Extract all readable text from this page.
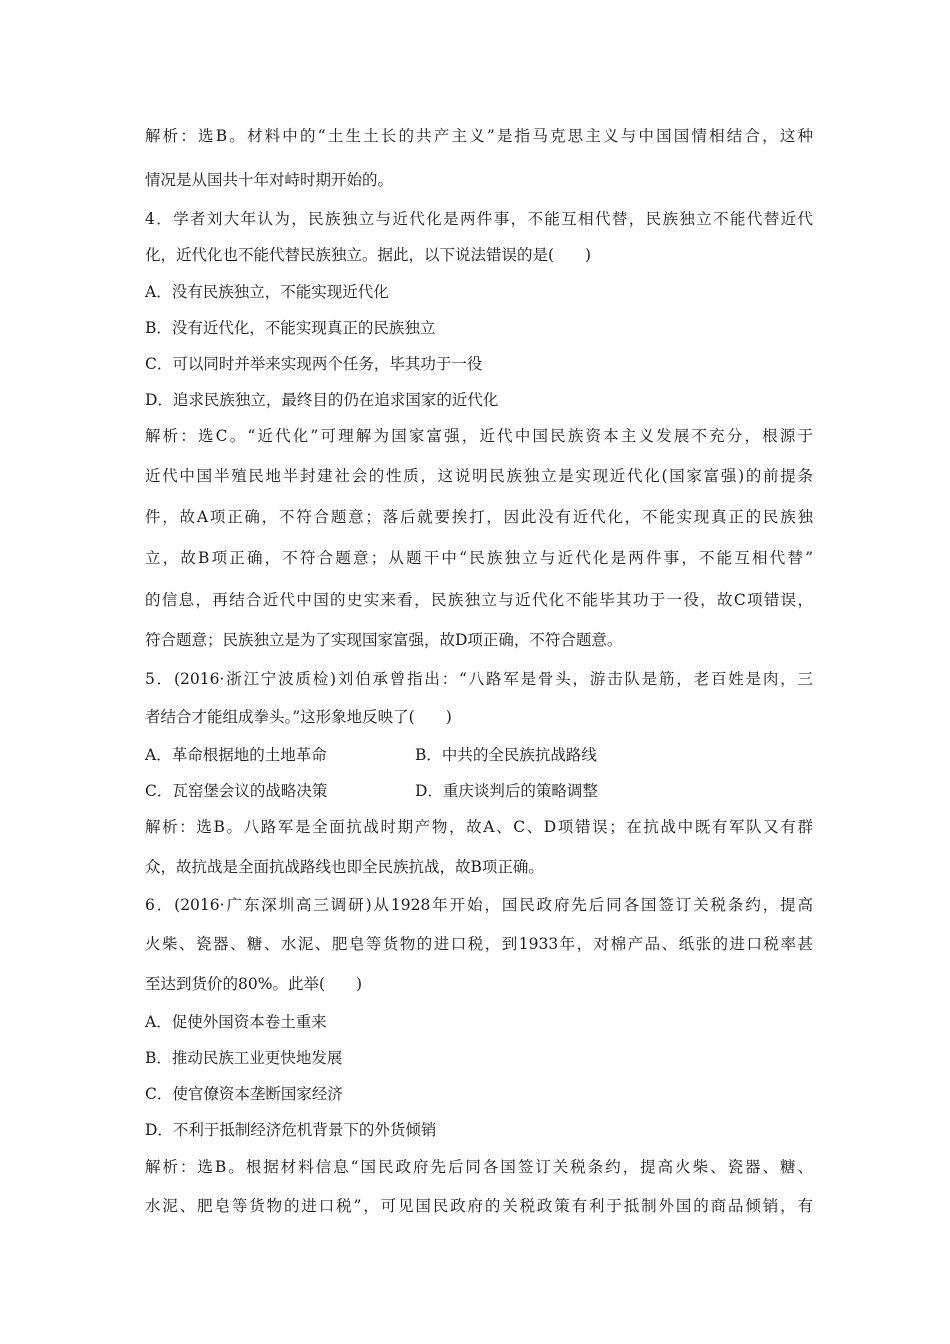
解析：选B。材料中的“土生土长的共产主义”是指马克思主义与中国国情相结合，这种
情况是从国共十年对峙时期开始的。
4．学者刘大年认为，民族独立与近代化是两件事，不能互相代替，民族独立不能代替近代
化，近代化也不能代替民族独立。据此，以下说法错误的是(　　)
A．没有民族独立，不能实现近代化
B．没有近代化，不能实现真正的民族独立
C．可以同时并举来实现两个任务，毕其功于一役
D．追求民族独立，最终目的仍在追求国家的近代化
解析：选C。“近代化”可理解为国家富强，近代中国民族资本主义发展不充分，根源于
近代中国半殖民地半封建社会的性质，这说明民族独立是实现近代化(国家富强)的前提条
件，故A项正确，不符合题意；落后就要挨打，因此没有近代化，不能实现真正的民族独
立，故B项正确，不符合题意；从题干中“民族独立与近代化是两件事，不能互相代替”
的信息，再结合近代中国的史实来看，民族独立与近代化不能毕其功于一役，故C项错误，
符合题意；民族独立是为了实现国家富强，故D项正确，不符合题意。
5．(2016·浙江宁波质检)刘伯承曾指出：“八路军是骨头，游击队是筋，老百姓是肉，三
者结合才能组成拳头。”这形象地反映了(　　)
A．革命根据地的土地革命	B．中共的全民族抗战路线
C．瓦窑堡会议的战略决策	D．重庆谈判后的策略调整
解析：选B。八路军是全面抗战时期产物，故A、C、D项错误；在抗战中既有军队又有群
众，故抗战是全面抗战路线也即全民族抗战，故B项正确。
6．(2016·广东深圳高三调研)从1928年开始，国民政府先后同各国签订关税条约，提高
火柴、瓷器、糖、水泥、肥皂等货物的进口税，到1933年，对棉产品、纸张的进口税率甚
至达到货价的80%。此举(　　)
A．促使外国资本卷土重来
B．推动民族工业更快地发展
C．使官僚资本垄断国家经济
D．不利于抵制经济危机背景下的外货倾销
解析：选B。根据材料信息“国民政府先后同各国签订关税条约，提高火柴、瓷器、糖、
水泥、肥皂等货物的进口税”，可见国民政府的关税政策有利于抵制外国的商品倾销，有
